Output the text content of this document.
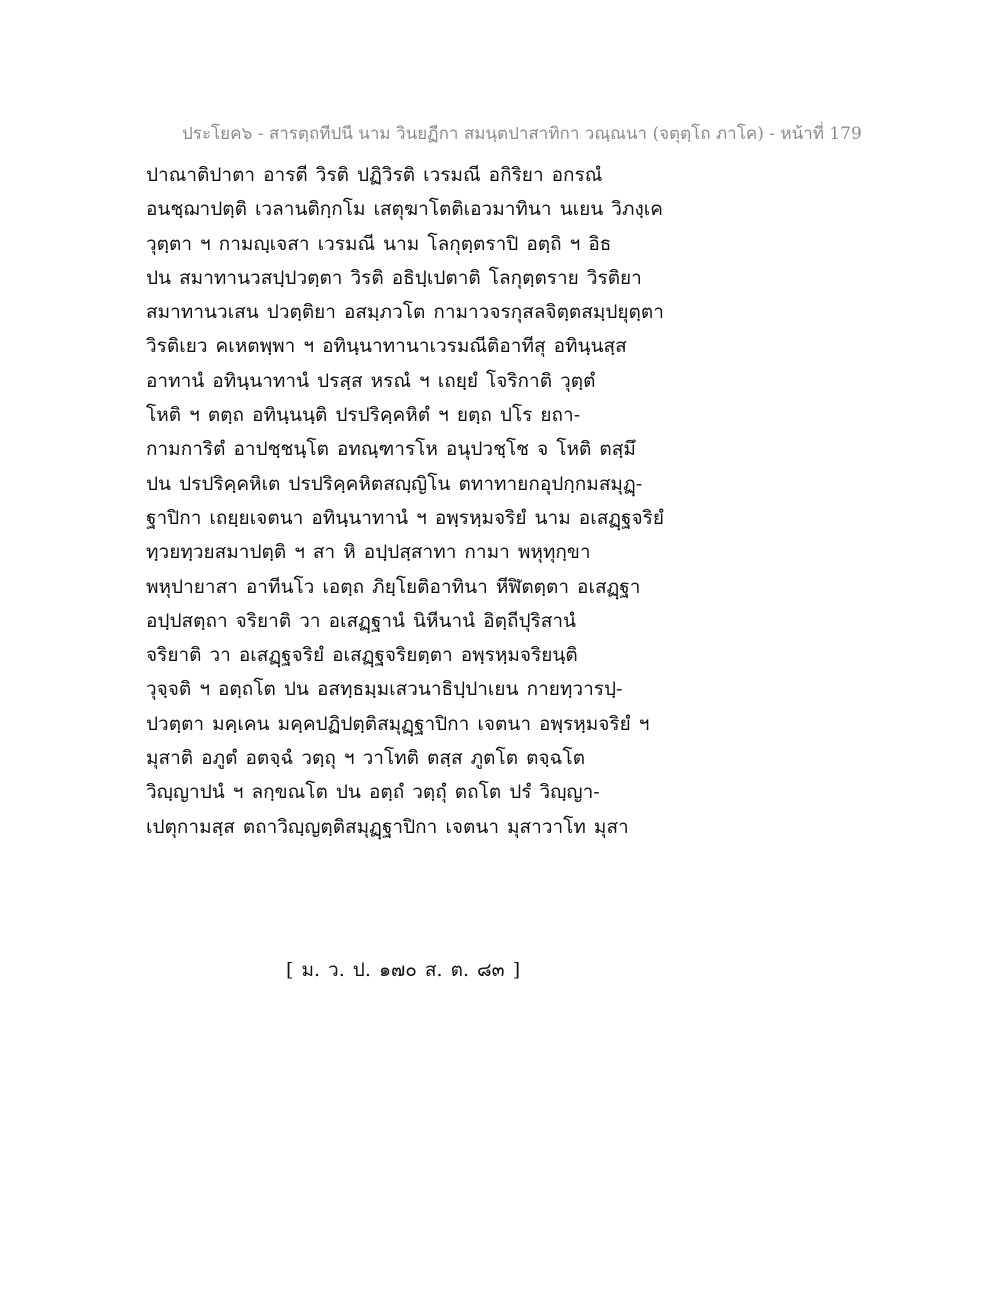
ประโยค๖ - สารตฺถทีปนี นาม วินยฏีกา สมนฺตปาสาทิกา วณฺณนา (จตุตฺโถ ภาโค) - หน้าที่ 179
ปาณาติปาตา อารตี วิรติ ปฏิวิรติ เวรมณี อกิริยา อกรณํ
อนชฺฌาปตฺติ เวลานติกฺกโม เสตุฆาโตติเอวมาทินา นเยน วิภงฺเค
วุตฺตา ฯ กามญฺเจสา เวรมณี นาม โลกุตฺตราปิ อตฺถิ ฯ อิธ
ปน สมาทานวสปฺปวตฺตา วิรติ อธิปฺเปตาติ โลกุตฺตราย วิรติยา
สมาทานวเสน ปวตฺติยา อสมฺภวโต กามาวจรกุสลจิตฺตสมฺปยุตฺตา
วิรติเยว คเหตพฺพา ฯ อทินฺนาทานาเวรมณีติอาทีสุ อทินฺนสฺส
อาทานํ อทินฺนาทานํ ปรสฺส หรณํ ฯ เถยฺยํ โจริกาติ วุตฺตํ
โหติ ฯ ตตฺถ อทินฺนนฺติ ปรปริคฺคหิตํ ฯ ยตฺถ ปโร ยถา-
กามการิตํ อาปชฺชนฺโต อทณฺฑารโห อนุปวชฺโช จ โหติ ตสฺมึ
ปน ปรปริคฺคหิเต ปรปริคฺคหิตสญฺญิโน ตทาทายกอุปกฺกมสมุฏฺ-
ฐาปิกา เถยฺยเจตนา อทินฺนาทานํ ฯ อพฺรหฺมจริยํ นาม อเสฏฺฐจริยํ
ทฺวยทฺวยสมาปตฺติ ฯ สา หิ อปฺปสฺสาทา กามา พหุทุกฺขา
พหุปายาสา อาทีนโว เอตฺถ ภิยฺโยติอาทินา หีฬิตตฺตา อเสฏฺฐา
อปฺปสตฺถา จริยาติ วา อเสฏฺฐานํ นิหีนานํ อิตฺถีปุริสานํ
จริยาติ วา อเสฏฺฐจริยํ อเสฏฺฐจริยตฺตา อพฺรหฺมจริยนฺติ
วุจฺจติ ฯ อตฺถโต ปน อสทฺธมฺมเสวนาธิปฺปาเยน กายทฺวารปฺ-
ปวตฺตา มคฺเคน มคฺคปฏิปตฺติสมุฏฺฐาปิกา เจตนา อพฺรหฺมจริยํ ฯ
มุสาติ อภูตํ อตจฺฉํ วตฺถุ ฯ วาโทติ ตสฺส ภูตโต ตจฺฉโต
วิญฺญาปนํ ฯ ลกฺขณโต ปน อตฺถํ วตฺถุํ ตถโต ปรํ วิญฺญา-
เปตุกามสฺส ตถาวิญฺญตฺติสมุฏฺฐาปิกา เจตนา มุสาวาโท มุสา
[ ม. ว. ป. ๑๗๐ ส. ต. ๘๓ ]
